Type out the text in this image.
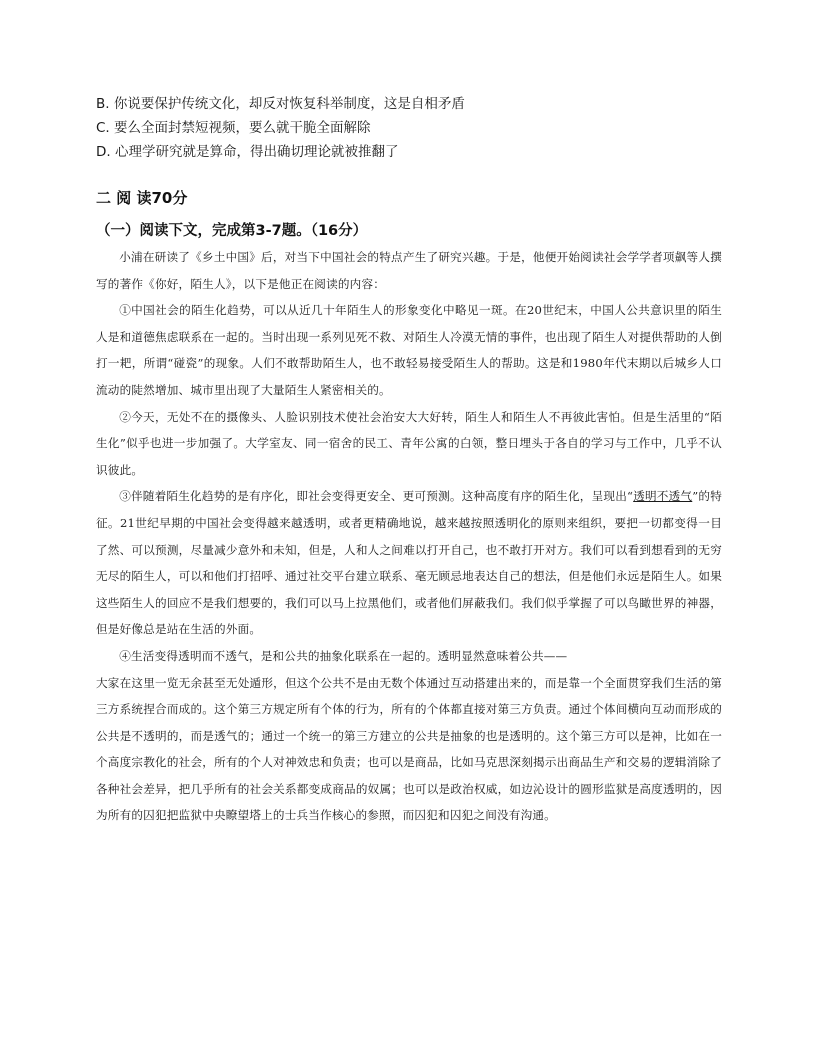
B. 你说要保护传统文化，却反对恢复科举制度，这是自相矛盾

C. 要么全面封禁短视频，要么就干脆全面解除

D. 心理学研究就是算命，得出确切理论就被推翻了

二 阅 读70分
（一）阅读下文，完成第3-7题。（16分）

小浦在研读了《乡土中国》后，对当下中国社会的特点产生了研究兴趣。于是，他便开始阅读社会学学者项飙等人撰写的著作《你好，陌生人》，以下是他正在阅读的内容：

①中国社会的陌生化趋势，可以从近几十年陌生人的形象变化中略见一斑。在20世纪末，中国人公共意识里的陌生人是和道德焦虑联系在一起的。当时出现一系列见死不救、对陌生人冷漠无情的事件，也出现了陌生人对提供帮助的人倒打一耙，所谓“碰瓷”的现象。人们不敢帮助陌生人，也不敢轻易接受陌生人的帮助。这是和1980年代末期以后城乡人口流动的陡然增加、城市里出现了大量陌生人紧密相关的。

②今天，无处不在的摄像头、人脸识别技术使社会治安大大好转，陌生人和陌生人不再彼此害怕。但是生活里的“陌生化”似乎也进一步加强了。大学室友、同一宿舍的民工、青年公寓的白领，整日埋头于各自的学习与工作中，几乎不认识彼此。

③伴随着陌生化趋势的是有序化，即社会变得更安全、更可预测。这种高度有序的陌生化，呈现出“透明不透气”的特征。21世纪早期的中国社会变得越来越透明，或者更精确地说，越来越按照透明化的原则来组织，要把一切都变得一目了然、可以预测，尽量减少意外和未知，但是，人和人之间难以打开自己，也不敢打开对方。我们可以看到想看到的无穷无尽的陌生人，可以和他们打招呼、通过社交平台建立联系、毫无顾忌地表达自己的想法，但是他们永远是陌生人。如果这些陌生人的回应不是我们想要的，我们可以马上拉黑他们，或者他们屏蔽我们。我们似乎掌握了可以鸟瞰世界的神器，但是好像总是站在生活的外面。

④生活变得透明而不透气，是和公共的抽象化联系在一起的。透明显然意味着公共——

大家在这里一览无余甚至无处遁形，但这个公共不是由无数个体通过互动搭建出来的，而是靠一个全面贯穿我们生活的第三方系统捏合而成的。这个第三方规定所有个体的行为，所有的个体都直接对第三方负责。通过个体间横向互动而形成的公共是不透明的，而是透气的；通过一个统一的第三方建立的公共是抽象的也是透明的。这个第三方可以是神，比如在一个高度宗教化的社会，所有的个人对神效忠和负责；也可以是商品，比如马克思深刻揭示出商品生产和交易的逻辑消除了各种社会差异，把几乎所有的社会关系都变成商品的奴属；也可以是政治权威，如边沁设计的圆形监狱是高度透明的，因为所有的囚犯把监狱中央瞭望塔上的士兵当作核心的参照，而囚犯和囚犯之间没有沟通。
